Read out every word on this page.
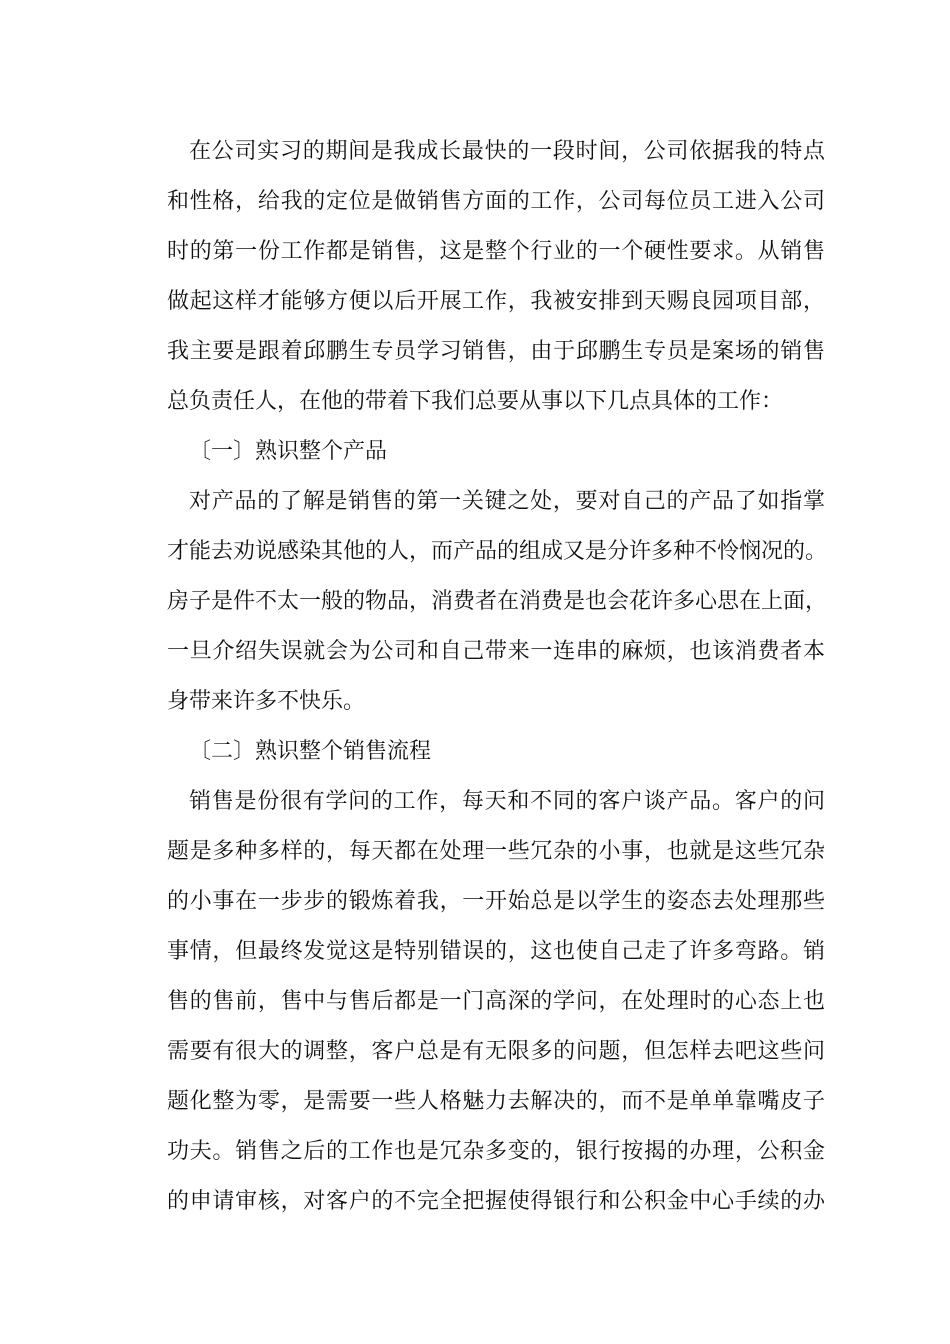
在公司实习的期间是我成长最快的一段时间，公司依据我的特点
和性格，给我的定位是做销售方面的工作，公司每位员工进入公司
时的第一份工作都是销售，这是整个行业的一个硬性要求。从销售
做起这样才能够方便以后开展工作，我被安排到天赐良园项目部，
我主要是跟着邱鹏生专员学习销售，由于邱鹏生专员是案场的销售
总负责任人，在他的带着下我们总要从事以下几点具体的工作：
〔一〕熟识整个产品
对产品的了解是销售的第一关键之处，要对自己的产品了如指掌
才能去劝说感染其他的人，而产品的组成又是分许多种不怜悯况的。
房子是件不太一般的物品，消费者在消费是也会花许多心思在上面，
一旦介绍失误就会为公司和自己带来一连串的麻烦，也该消费者本
身带来许多不快乐。
〔二〕熟识整个销售流程
销售是份很有学问的工作，每天和不同的客户谈产品。客户的问
题是多种多样的，每天都在处理一些冗杂的小事，也就是这些冗杂
的小事在一步步的锻炼着我，一开始总是以学生的姿态去处理那些
事情，但最终发觉这是特别错误的，这也使自己走了许多弯路。销
售的售前，售中与售后都是一门高深的学问，在处理时的心态上也
需要有很大的调整，客户总是有无限多的问题，但怎样去吧这些问
题化整为零，是需要一些人格魅力去解决的，而不是单单靠嘴皮子
功夫。销售之后的工作也是冗杂多变的，银行按揭的办理，公积金
的申请审核，对客户的不完全把握使得银行和公积金中心手续的办
